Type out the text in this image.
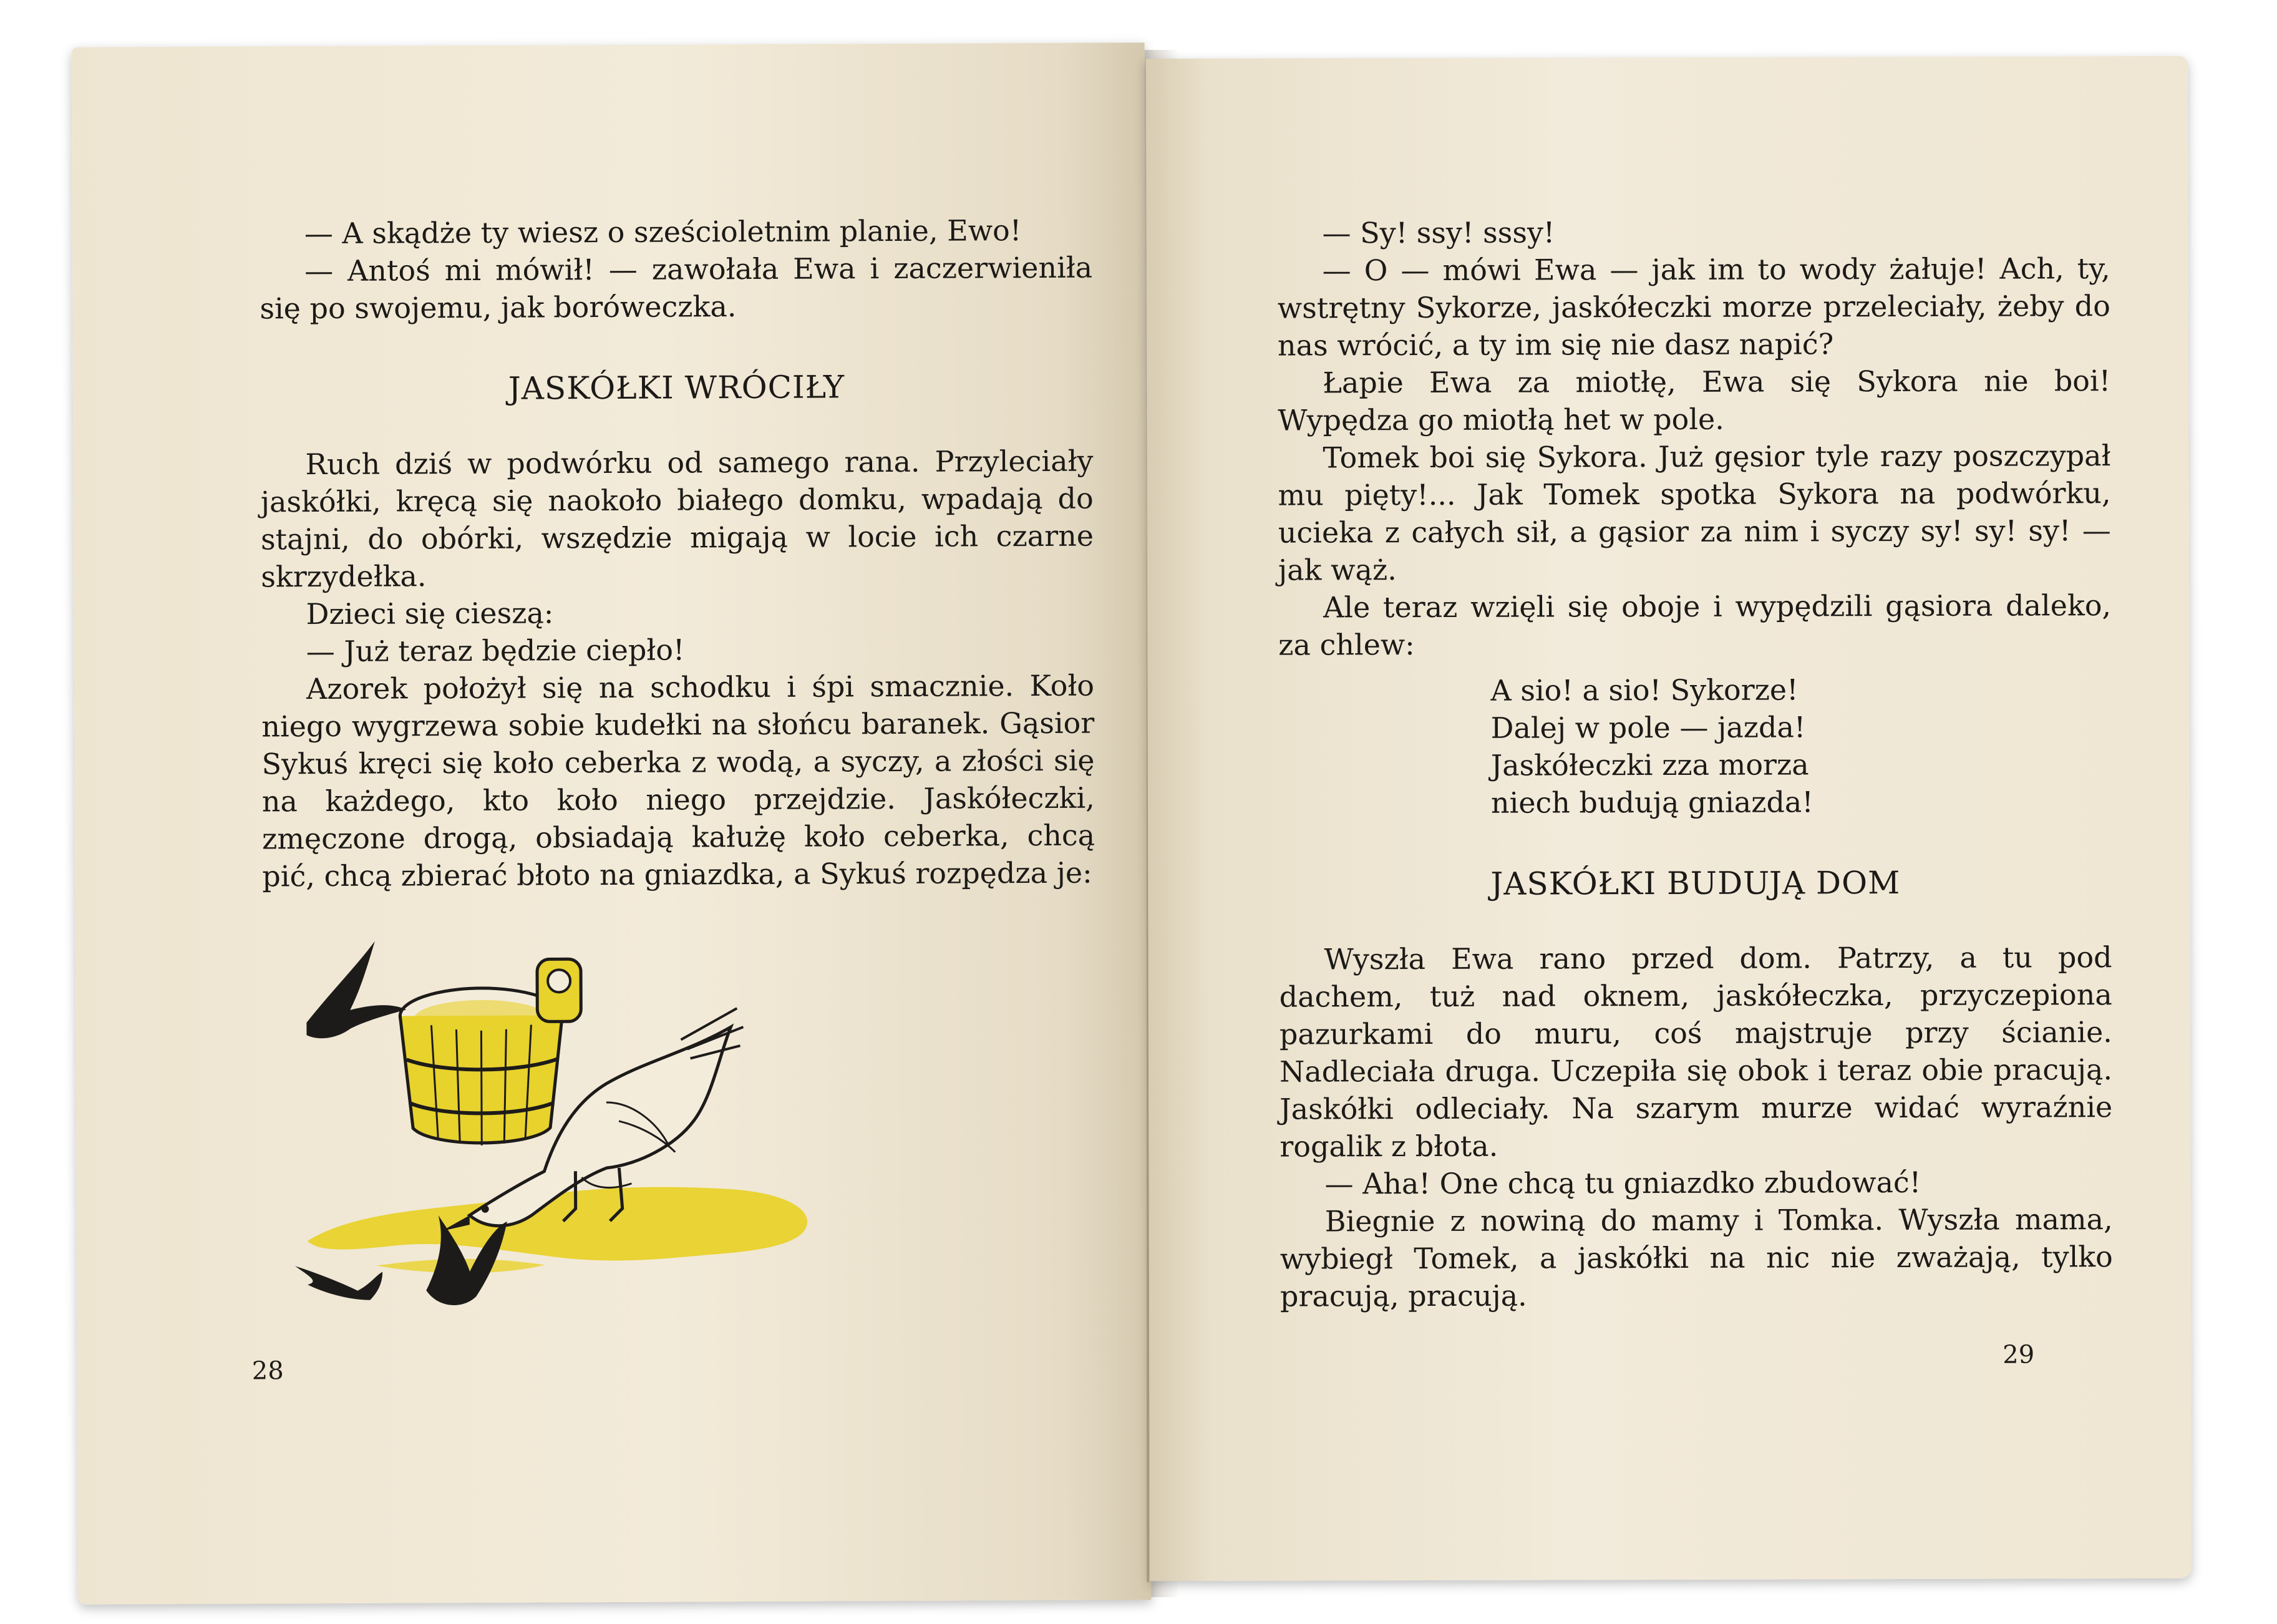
— A skądże ty wiesz o sześcioletnim planie, Ewo!

— Antoś mi mówił! — zawołała Ewa i zaczerwieniła się po swojemu, jak boróweczka.

JASKÓŁKI WRÓCIŁY

Ruch dziś w podwórku od samego rana. Przyleciały jaskółki, kręcą się naokoło białego domku, wpadają do stajni, do obórki, wszędzie migają w locie ich czarne skrzydełka.

Dzieci się cieszą:

— Już teraz będzie ciepło!

Azorek położył się na schodku i śpi smacznie. Koło niego wygrzewa sobie kudełki na słońcu baranek. Gąsior Sykuś kręci się koło ceberka z wodą, a syczy, a złości się na każdego, kto koło niego przejdzie. Jaskółeczki, zmęczone drogą, obsiadają kałużę koło ceberka, chcą pić, chcą zbierać błoto na gniazdka, a Sykuś rozpędza je:

28

— Sy! ssy! sssy!

— O — mówi Ewa — jak im to wody żałuje! Ach, ty, wstrętny Sykorze, jaskółeczki morze przeleciały, żeby do nas wrócić, a ty im się nie dasz napić?

Łapie Ewa za miotłę, Ewa się Sykora nie boi! Wypędza go miotłą het w pole.

Tomek boi się Sykora. Już gęsior tyle razy poszczypał mu pięty!... Jak Tomek spotka Sykora na podwórku, ucieka z całych sił, a gąsior za nim i syczy sy! sy! sy! — jak wąż.

Ale teraz wzięli się oboje i wypędzili gąsiora daleko, za chlew:

A sio! a sio! Sykorze!
Dalej w pole — jazda!
Jaskółeczki zza morza
niech budują gniazda!

JASKÓŁKI BUDUJĄ DOM

Wyszła Ewa rano przed dom. Patrzy, a tu pod dachem, tuż nad oknem, jaskółeczka, przyczepiona pazurkami do muru, coś majstruje przy ścianie. Nadleciała druga. Uczepiła się obok i teraz obie pracują. Jaskółki odleciały. Na szarym murze widać wyraźnie rogalik z błota.

— Aha! One chcą tu gniazdko zbudować!

Biegnie z nowiną do mamy i Tomka. Wyszła mama, wybiegł Tomek, a jaskółki na nic nie zważają, tylko pracują, pracują.

29
